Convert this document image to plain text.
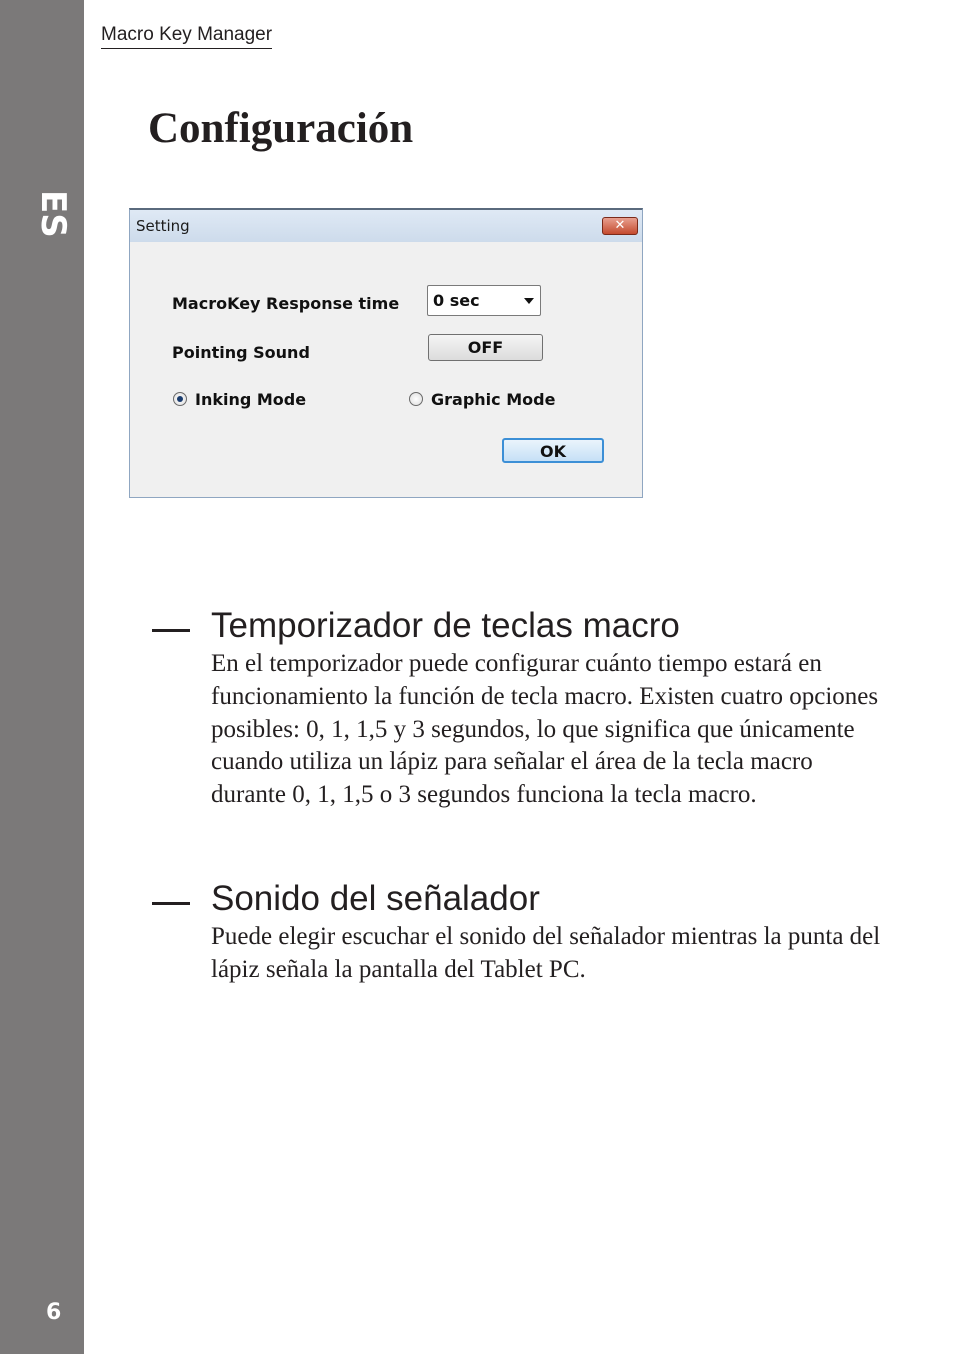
ES
6
Macro Key Manager
Configuración
Setting	✕
MacroKey Response time 0 sec
Pointing Sound	OFF
Inking Mode	Graphic Mode
OK
Temporizador de teclas macro

En el temporizador puede configurar cuánto tiempo estará en funcionamiento la función de tecla macro. Existen cuatro opciones posibles: 0, 1, 1,5 y 3 segundos, lo que significa que únicamente cuando utiliza un lápiz para señalar el área de la tecla macro durante 0, 1, 1,5 o 3 segundos funciona la tecla macro.

Sonido del señalador

Puede elegir escuchar el sonido del señalador mientras la punta del lápiz señala la pantalla del Tablet PC.
